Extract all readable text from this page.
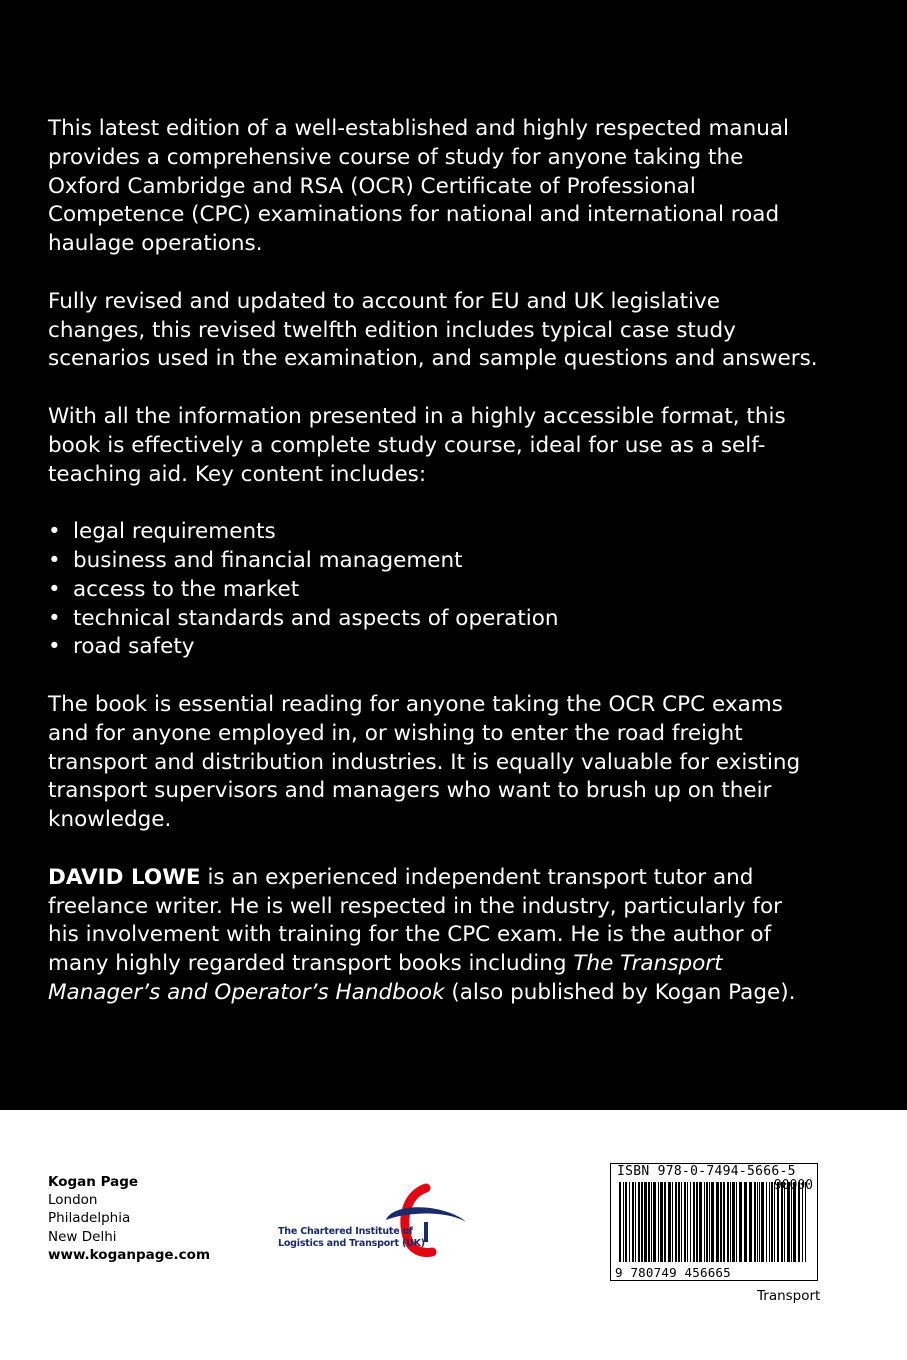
This latest edition of a well-established and highly respected manual provides a comprehensive course of study for anyone taking the Oxford Cambridge and RSA (OCR) Certificate of Professional Competence (CPC) examinations for national and international road haulage operations.

Fully revised and updated to account for EU and UK legislative changes, this revised twelfth edition includes typical case study scenarios used in the examination, and sample questions and answers.

With all the information presented in a highly accessible format, this book is effectively a complete study course, ideal for use as a self-teaching aid. Key content includes:

• legal requirements
• business and financial management
• access to the market
• technical standards and aspects of operation
• road safety

The book is essential reading for anyone taking the OCR CPC exams and for anyone employed in, or wishing to enter the road freight transport and distribution industries. It is equally valuable for existing transport supervisors and managers who want to brush up on their knowledge.

DAVID LOWE is an experienced independent transport tutor and freelance writer. He is well respected in the industry, particularly for his involvement with training for the CPC exam. He is the author of many highly regarded transport books including The Transport Manager’s and Operator’s Handbook (also published by Kogan Page).

Kogan Page
London
Philadelphia
New Delhi
www.koganpage.com
The Chartered Institute of
Logistics and Transport (UK)
ISBN 978-0-7494-5666-5
90000
9 780749 456665
Transport
